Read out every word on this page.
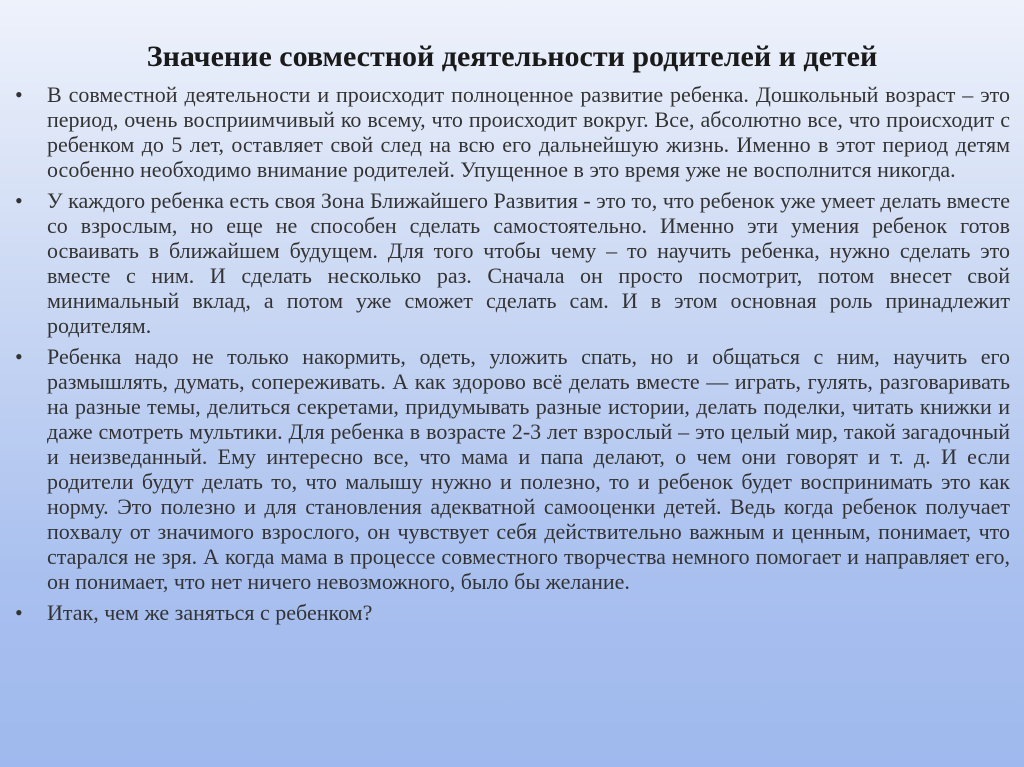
Значение совместной деятельности родителей и детей
• В совместной деятельности и происходит полноценное развитие ребенка. Дошкольный возраст – это период, очень восприимчивый ко всему, что происходит вокруг. Все, абсолютно все, что происходит с ребенком до 5 лет, оставляет свой след на всю его дальнейшую жизнь. Именно в этот период детям особенно необходимо внимание родителей. Упущенное в это время уже не восполнится никогда.
• У каждого ребенка есть своя Зона Ближайшего Развития - это то, что ребенок уже умеет делать вместе со взрослым, но еще не способен сделать самостоятельно. Именно эти умения ребенок готов осваивать в ближайшем будущем. Для того чтобы чему – то научить ребенка, нужно сделать это вместе с ним. И сделать несколько раз. Сначала он просто посмотрит, потом внесет свой минимальный вклад, а потом уже сможет сделать сам. И в этом основная роль принадлежит родителям.
• Ребенка надо не только накормить, одеть, уложить спать, но и общаться с ним, научить его размышлять, думать, сопереживать. А как здорово всё делать вместе — играть, гулять, разговаривать на разные темы, делиться секретами, придумывать разные истории, делать поделки, читать книжки и даже смотреть мультики. Для ребенка в возрасте 2-3 лет взрослый – это целый мир, такой загадочный и неизведанный. Ему интересно все, что мама и папа делают, о чем они говорят и т. д. И если родители будут делать то, что малышу нужно и полезно, то и ребенок будет воспринимать это как норму. Это полезно и для становления адекватной самооценки детей. Ведь когда ребенок получает похвалу от значимого взрослого, он чувствует себя действительно важным и ценным, понимает, что старался не зря. А когда мама в процессе совместного творчества немного помогает и направляет его, он понимает, что нет ничего невозможного, было бы желание.
• Итак, чем же заняться с ребенком?
